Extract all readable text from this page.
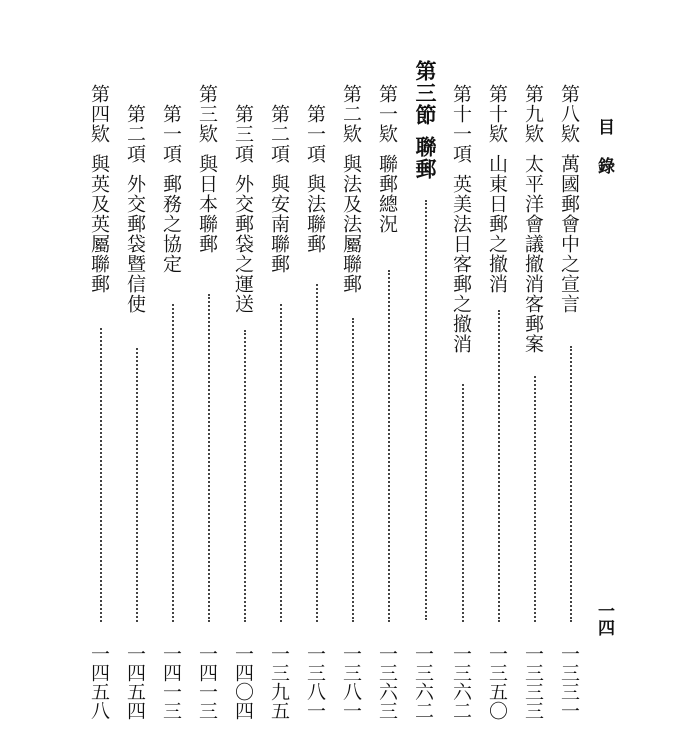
目錄
一四
第八欵
萬國郵會中之宣言
一三三一
第九欵
太平洋會議撤消客郵案
一三三三
第十欵
山東日郵之撤消
一三五〇
第十一項
英美法日客郵之撤消
一三六二
第三節
聯郵
一三六二
第一欵
聯郵總況
一三六三
第二欵
與法及法屬聯郵
一三八一
第一項
與法聯郵
一三八一
第二項
與安南聯郵
一三九五
第三項
外交郵袋之運送
一四〇四
第三欵
與日本聯郵
一四一三
第一項
郵務之協定
一四一三
第二項
外交郵袋暨信使
一四五四
第四欵
與英及英屬聯郵
一四五八
